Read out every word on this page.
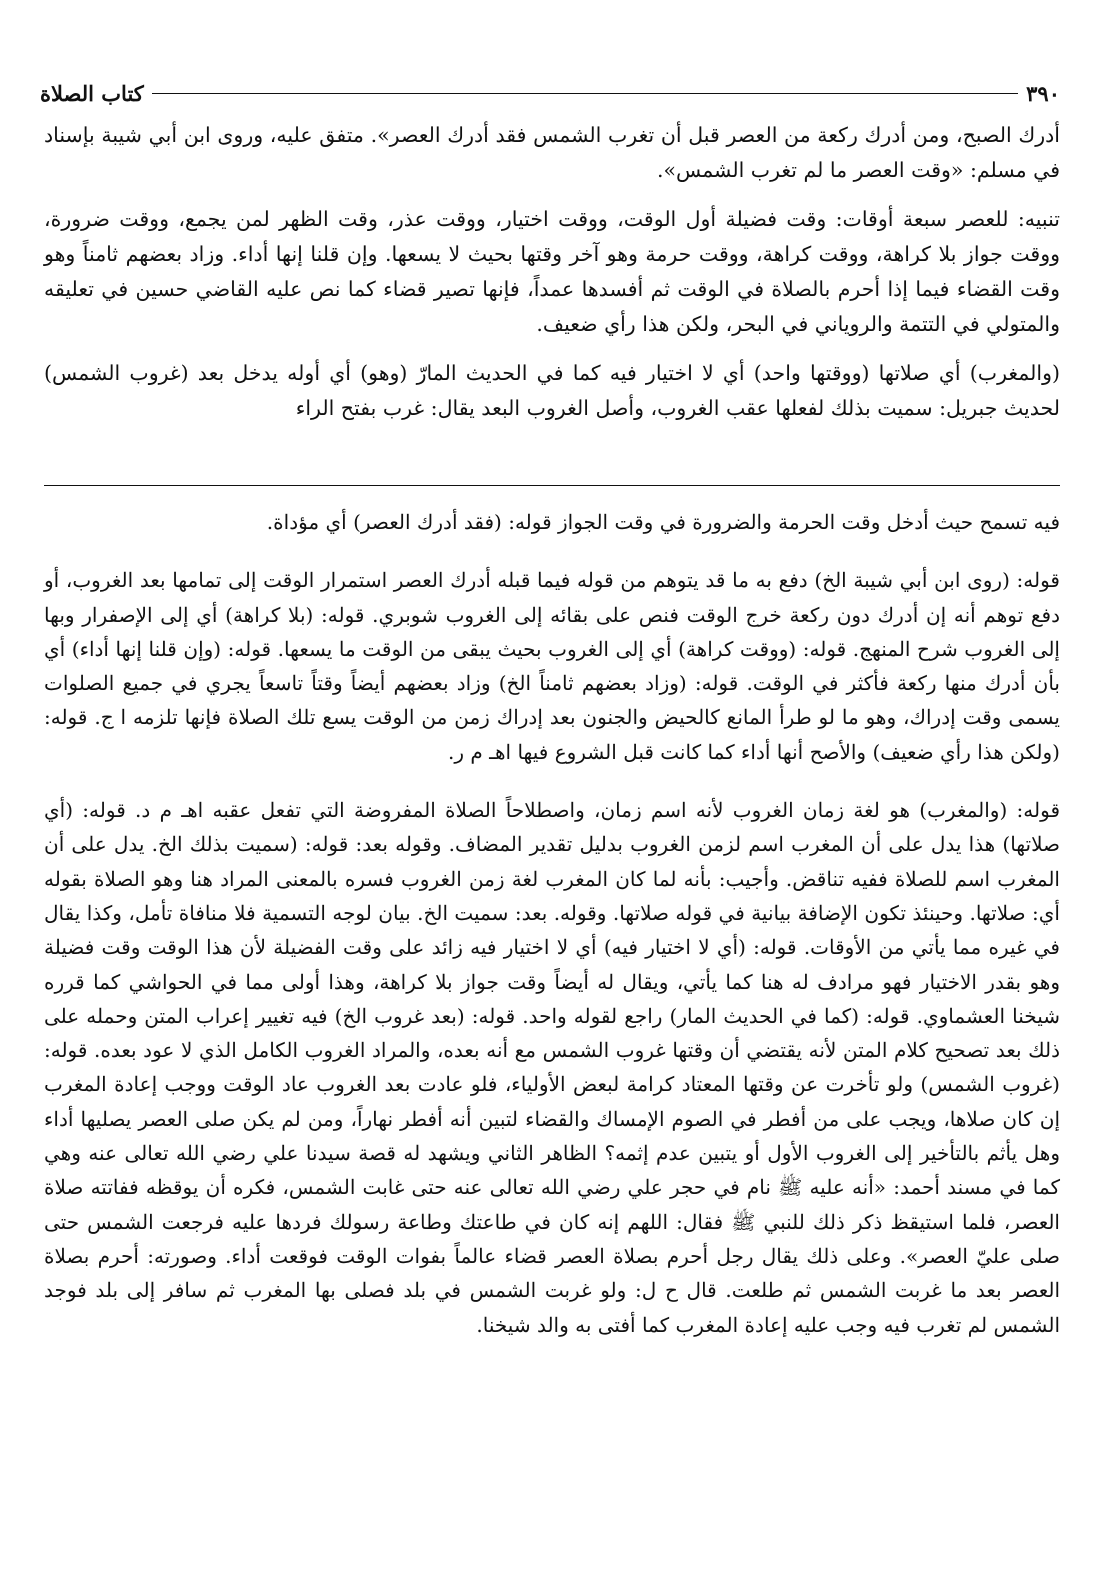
٣٩٠
كتاب الصلاة

أدرك الصبح، ومن أدرك ركعة من العصر قبل أن تغرب الشمس فقد أدرك العصر». متفق عليه، وروى ابن أبي شيبة بإسناد في مسلم: «وقت العصر ما لم تغرب الشمس».

تنبيه: للعصر سبعة أوقات: وقت فضيلة أول الوقت، ووقت اختيار، ووقت عذر، وقت الظهر لمن يجمع، ووقت ضرورة، ووقت جواز بلا كراهة، ووقت كراهة، ووقت حرمة وهو آخر وقتها بحيث لا يسعها. وإن قلنا إنها أداء. وزاد بعضهم ثامناً وهو وقت القضاء فيما إذا أحرم بالصلاة في الوقت ثم أفسدها عمداً، فإنها تصير قضاء كما نص عليه القاضي حسين في تعليقه والمتولي في التتمة والروياني في البحر، ولكن هذا رأي ضعيف.

(والمغرب) أي صلاتها (ووقتها واحد) أي لا اختيار فيه كما في الحديث المارّ (وهو) أي أوله يدخل بعد (غروب الشمس) لحديث جبريل: سميت بذلك لفعلها عقب الغروب، وأصل الغروب البعد يقال: غرب بفتح الراء

فيه تسمح حيث أدخل وقت الحرمة والضرورة في وقت الجواز قوله: (فقد أدرك العصر) أي مؤداة.

قوله: (روى ابن أبي شيبة الخ) دفع به ما قد يتوهم من قوله فيما قبله أدرك العصر استمرار الوقت إلى تمامها بعد الغروب، أو دفع توهم أنه إن أدرك دون ركعة خرج الوقت فنص على بقائه إلى الغروب شوبري. قوله: (بلا كراهة) أي إلى الإصفرار وبها إلى الغروب شرح المنهج. قوله: (ووقت كراهة) أي إلى الغروب بحيث يبقى من الوقت ما يسعها. قوله: (وإن قلنا إنها أداء) أي بأن أدرك منها ركعة فأكثر في الوقت. قوله: (وزاد بعضهم ثامناً الخ) وزاد بعضهم أيضاً وقتاً تاسعاً يجري في جميع الصلوات يسمى وقت إدراك، وهو ما لو طرأ المانع كالحيض والجنون بعد إدراك زمن من الوقت يسع تلك الصلاة فإنها تلزمه ا ج. قوله: (ولكن هذا رأي ضعيف) والأصح أنها أداء كما كانت قبل الشروع فيها اهـ م ر.

قوله: (والمغرب) هو لغة زمان الغروب لأنه اسم زمان، واصطلاحاً الصلاة المفروضة التي تفعل عقبه اهـ م د. قوله: (أي صلاتها) هذا يدل على أن المغرب اسم لزمن الغروب بدليل تقدير المضاف. وقوله بعد: قوله: (سميت بذلك الخ. يدل على أن المغرب اسم للصلاة ففيه تناقض. وأجيب: بأنه لما كان المغرب لغة زمن الغروب فسره بالمعنى المراد هنا وهو الصلاة بقوله أي: صلاتها. وحينئذ تكون الإضافة بيانية في قوله صلاتها. وقوله. بعد: سميت الخ. بيان لوجه التسمية فلا منافاة تأمل، وكذا يقال في غيره مما يأتي من الأوقات. قوله: (أي لا اختيار فيه) أي لا اختيار فيه زائد على وقت الفضيلة لأن هذا الوقت وقت فضيلة وهو بقدر الاختيار فهو مرادف له هنا كما يأتي، ويقال له أيضاً وقت جواز بلا كراهة، وهذا أولى مما في الحواشي كما قرره شيخنا العشماوي. قوله: (كما في الحديث المار) راجع لقوله واحد. قوله: (بعد غروب الخ) فيه تغيير إعراب المتن وحمله على ذلك بعد تصحيح كلام المتن لأنه يقتضي أن وقتها غروب الشمس مع أنه بعده، والمراد الغروب الكامل الذي لا عود بعده. قوله: (غروب الشمس) ولو تأخرت عن وقتها المعتاد كرامة لبعض الأولياء، فلو عادت بعد الغروب عاد الوقت ووجب إعادة المغرب إن كان صلاها، ويجب على من أفطر في الصوم الإمساك والقضاء لتبين أنه أفطر نهاراً، ومن لم يكن صلى العصر يصليها أداء وهل يأثم بالتأخير إلى الغروب الأول أو يتبين عدم إثمه؟ الظاهر الثاني ويشهد له قصة سيدنا علي رضي الله تعالى عنه وهي كما في مسند أحمد: «أنه عليه ﷺ نام في حجر علي رضي الله تعالى عنه حتى غابت الشمس، فكره أن يوقظه ففاتته صلاة العصر، فلما استيقظ ذكر ذلك للنبي ﷺ فقال: اللهم إنه كان في طاعتك وطاعة رسولك فردها عليه فرجعت الشمس حتى صلى عليّ العصر». وعلى ذلك يقال رجل أحرم بصلاة العصر قضاء عالماً بفوات الوقت فوقعت أداء. وصورته: أحرم بصلاة العصر بعد ما غربت الشمس ثم طلعت. قال ح ل: ولو غربت الشمس في بلد فصلى بها المغرب ثم سافر إلى بلد فوجد الشمس لم تغرب فيه وجب عليه إعادة المغرب كما أفتى به والد شيخنا.
